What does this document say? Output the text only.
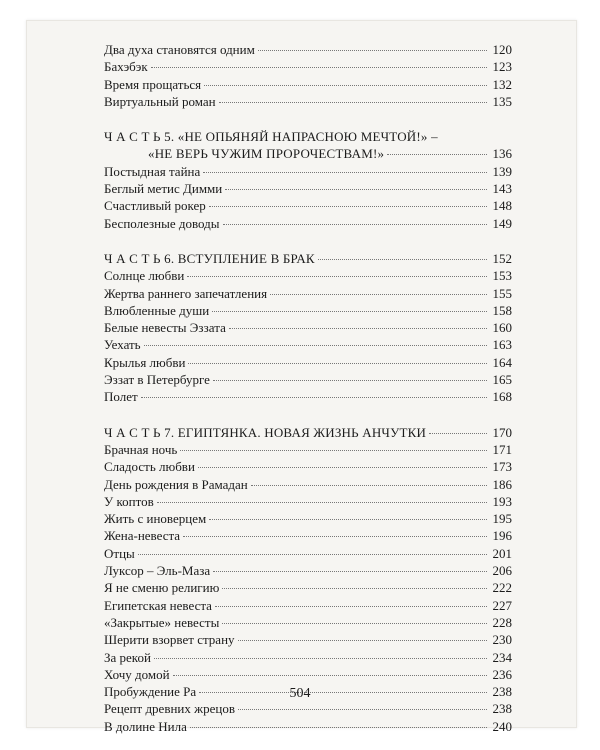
Два духа становятся одним	120
Бахэбэк	123
Время прощаться	132
Виртуальный роман	135
Ч А С Т Ь 5. «НЕ ОПЬЯНЯЙ НАПРАСНОЮ МЕЧТОЙ!» –
«НЕ ВЕРЬ ЧУЖИМ ПРОРОЧЕСТВАМ!»	136
Постыдная тайна	139
Беглый метис Димми	143
Счастливый рокер	148
Бесполезные доводы	149
Ч А С Т Ь 6. ВСТУПЛЕНИЕ В БРАК	152
Солнце любви	153
Жертва раннего запечатления	155
Влюбленные души	158
Белые невесты Эззата	160
Уехать	163
Крылья любви	164
Эззат в Петербурге	165
Полет	168
Ч А С Т Ь 7. ЕГИПТЯНКА. НОВАЯ ЖИЗНЬ АНЧУТКИ	170
Брачная ночь	171
Сладость любви	173
День рождения в Рамадан	186
У коптов	193
Жить с иноверцем	195
Жена-невеста	196
Отцы	201
Луксор – Эль-Маза	206
Я не сменю религию	222
Египетская невеста	227
«Закрытые» невесты	228
Шерити взорвет страну	230
За рекой	234
Хочу домой	236
Пробуждение Ра	238
Рецепт древних жрецов	238
В долине Нила	240
504
